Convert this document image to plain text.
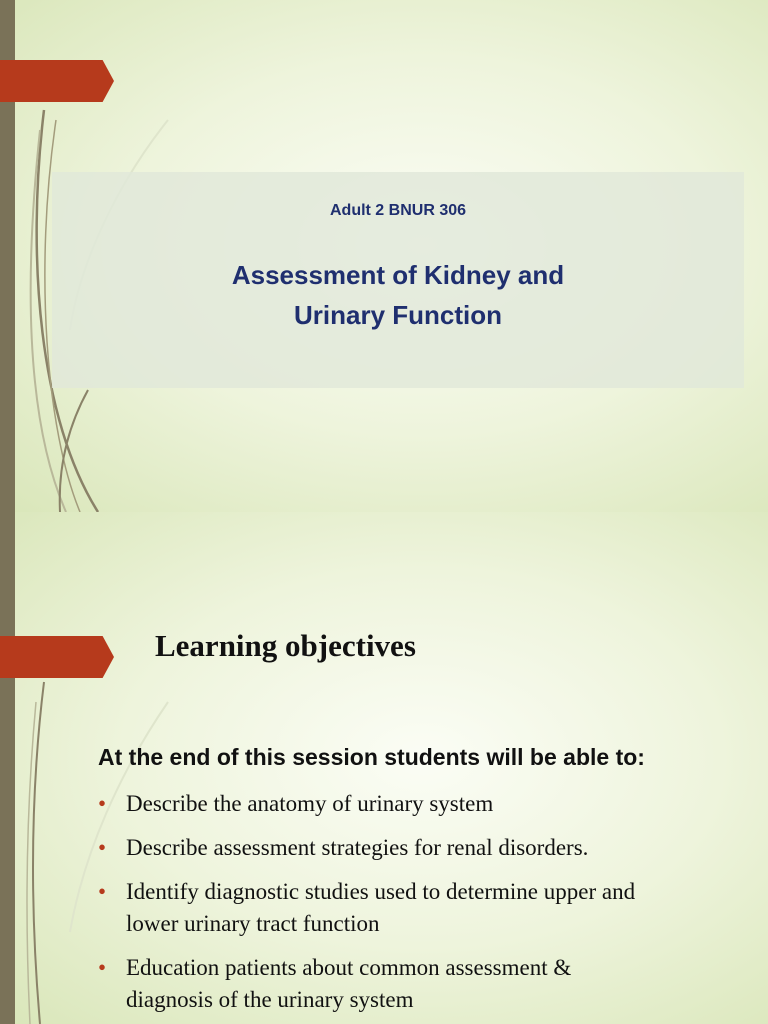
Adult 2 BNUR 306
Assessment of Kidney and
Urinary Function
Learning objectives
At the end of this session students will be able to:
• Describe the anatomy of urinary system
• Describe assessment strategies for renal disorders.
• Identify diagnostic studies used to determine upper and
lower urinary tract function
• Education patients about common assessment &
diagnosis of the urinary system
